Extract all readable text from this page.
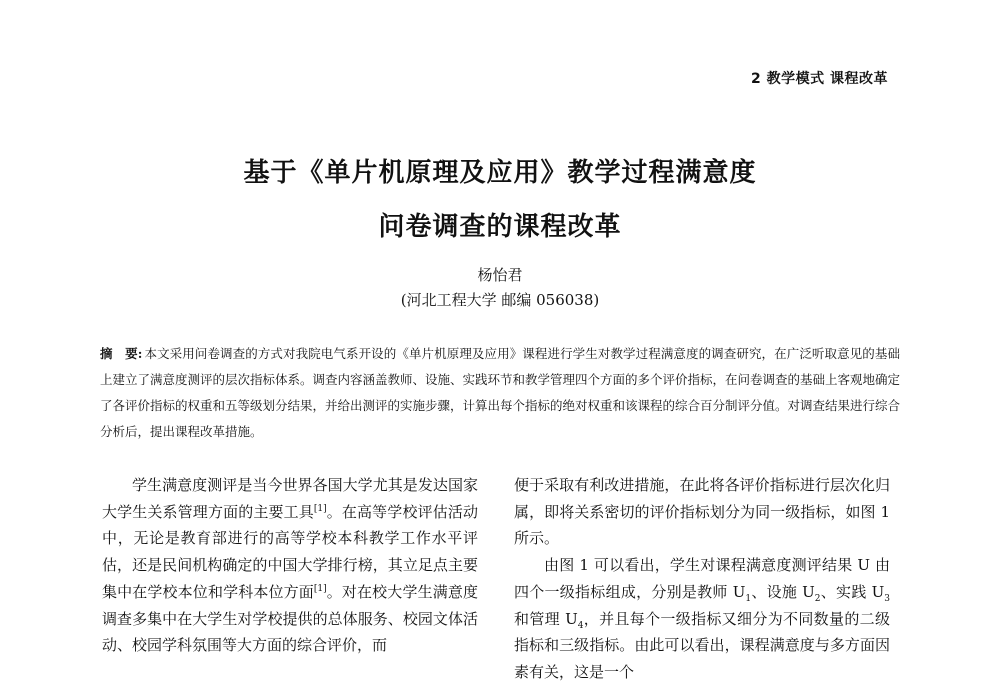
2 教学模式 课程改革
基于《单片机原理及应用》教学过程满意度
问卷调查的课程改革
杨怡君
(河北工程大学 邮编 056038)
摘　要: 本文采用问卷调查的方式对我院电气系开设的《单片机原理及应用》课程进行学生对教学过程满意度的调查研究，在广泛听取意见的基础上建立了满意度测评的层次指标体系。调查内容涵盖教师、设施、实践环节和教学管理四个方面的多个评价指标，在问卷调查的基础上客观地确定了各评价指标的权重和五等级划分结果，并给出测评的实施步骤，计算出每个指标的绝对权重和该课程的综合百分制评分值。对调查结果进行综合分析后，提出课程改革措施。

学生满意度测评是当今世界各国大学尤其是发达国家大学生关系管理方面的主要工具[1]。在高等学校评估活动中，无论是教育部进行的高等学校本科教学工作水平评估，还是民间机构确定的中国大学排行榜，其立足点主要集中在学校本位和学科本位方面[1]。对在校大学生满意度调查多集中在大学生对学校提供的总体服务、校园文体活动、校园学科氛围等大方面的综合评价，而

便于采取有利改进措施，在此将各评价指标进行层次化归属，即将关系密切的评价指标划分为同一级指标，如图 1 所示。

由图 1 可以看出，学生对课程满意度测评结果 U 由四个一级指标组成，分别是教师 $U_1$、设施 $U_2$、实践 $U_3$ 和管理 $U_4$，并且每个一级指标又细分为不同数量的二级指标和三级指标。由此可以看出，课程满意度与多方面因素有关，这是一个
